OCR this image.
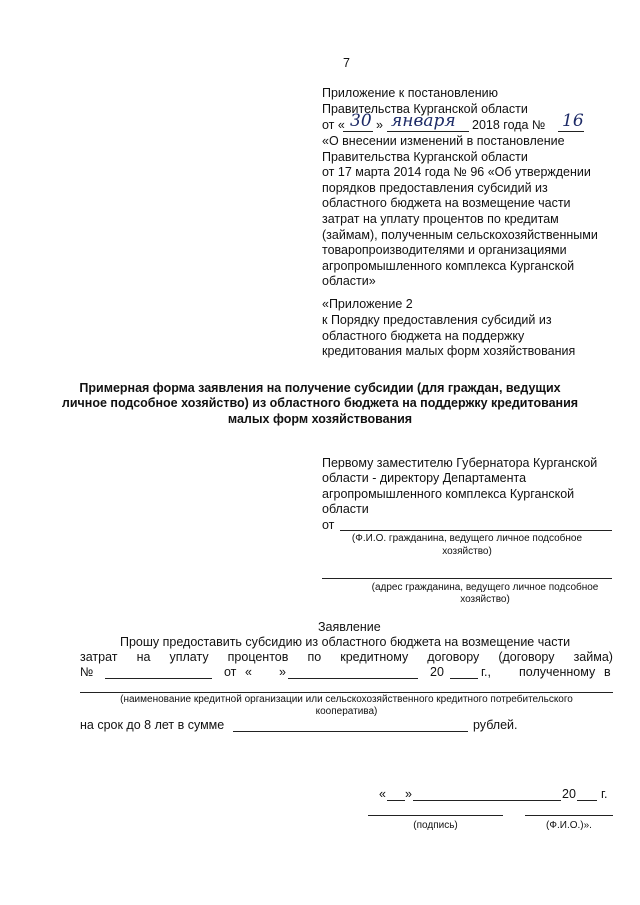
7
Приложение к постановлению
Правительства Курганской области
от « 30 » января 2018 года № 16
«О внесении изменений в постановление
Правительства Курганской области
от 17 марта 2014 года № 96 «Об утверждении
порядков предоставления субсидий из
областного бюджета на возмещение части
затрат на уплату процентов по кредитам
(займам), полученным сельскохозяйственными
товаропроизводителями и организациями
агропромышленного комплекса Курганской
области»
«Приложение 2
к Порядку предоставления субсидий из
областного бюджета на поддержку
кредитования малых форм хозяйствования
Примерная форма заявления на получение субсидии (для граждан, ведущих
личное подсобное хозяйство) из областного бюджета на поддержку кредитования
малых форм хозяйствования
Первому заместителю Губернатора Курганской
области - директору Департамента
агропромышленного комплекса Курганской
области
от
(Ф.И.О. гражданина, ведущего личное подсобное
хозяйство)
(адрес гражданина, ведущего личное подсобное
хозяйство)
Заявление
Прошу предоставить субсидию из областного бюджета на возмещение части
затрат на уплату процентов по кредитному договору (договору займа)
№	от « »	20	г., полученному в
(наименование кредитной организации или сельскохозяйственного кредитного потребительского
кооператива)
на срок до 8 лет в сумме	рублей.
« »	20 г.
(подпись)	(Ф.И.О.)».
